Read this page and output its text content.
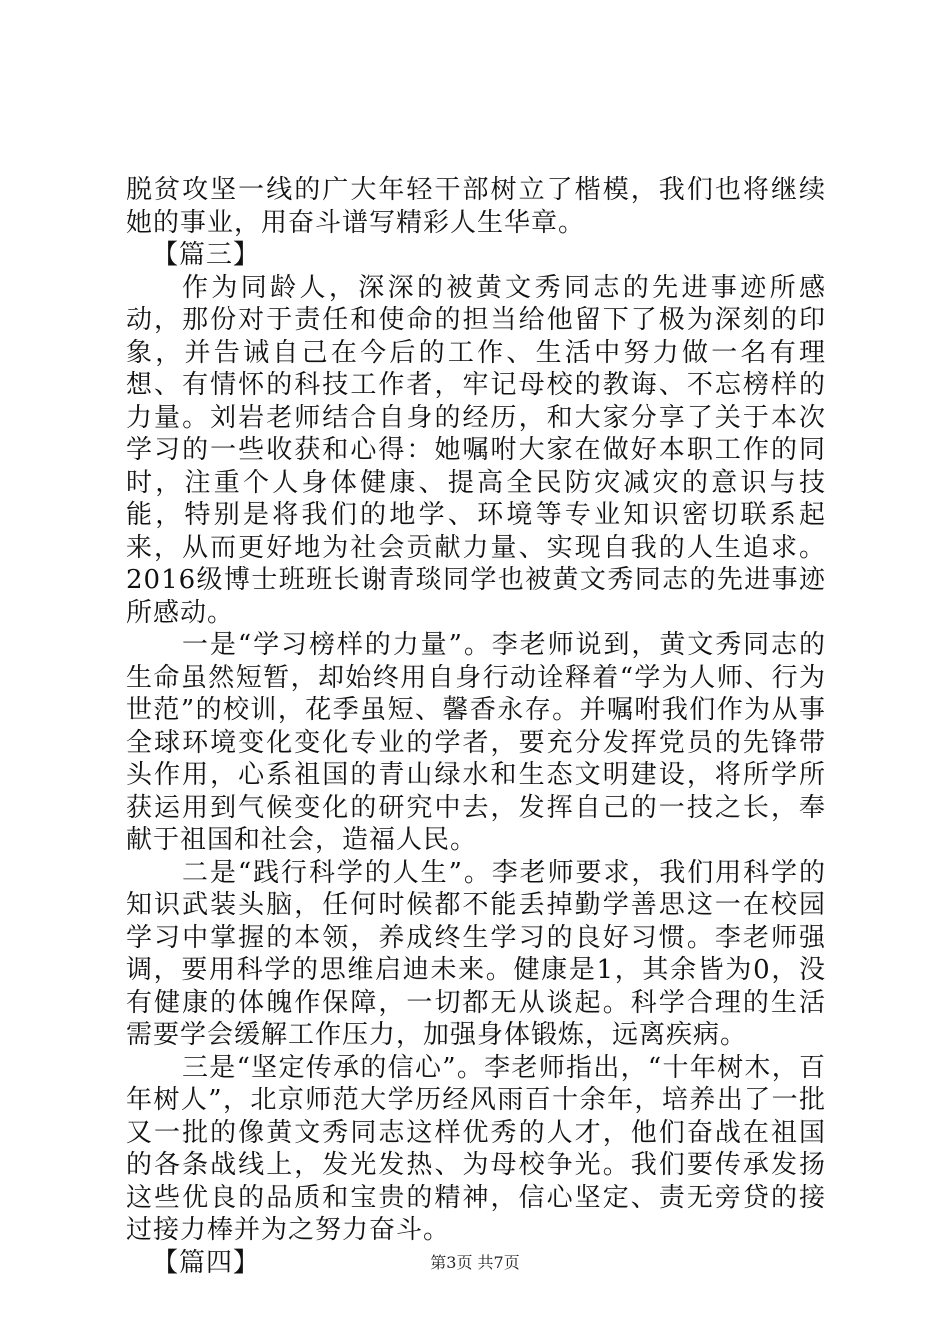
脱贫攻坚一线的广大年轻干部树立了楷模，我们也将继续她的事业，用奋斗谱写精彩人生华章。

【篇三】

作为同龄人，深深的被黄文秀同志的先进事迹所感动，那份对于责任和使命的担当给他留下了极为深刻的印象，并告诫自己在今后的工作、生活中努力做一名有理想、有情怀的科技工作者，牢记母校的教诲、不忘榜样的力量。刘岩老师结合自身的经历，和大家分享了关于本次学习的一些收获和心得：她嘱咐大家在做好本职工作的同时，注重个人身体健康、提高全民防灾减灾的意识与技能，特别是将我们的地学、环境等专业知识密切联系起来，从而更好地为社会贡献力量、实现自我的人生追求。2016级博士班班长谢青琰同学也被黄文秀同志的先进事迹所感动。

一是“学习榜样的力量”。李老师说到，黄文秀同志的生命虽然短暂，却始终用自身行动诠释着“学为人师、行为世范”的校训，花季虽短、馨香永存。并嘱咐我们作为从事全球环境变化变化专业的学者，要充分发挥党员的先锋带头作用，心系祖国的青山绿水和生态文明建设，将所学所获运用到气候变化的研究中去，发挥自己的一技之长，奉献于祖国和社会，造福人民。

二是“践行科学的人生”。李老师要求，我们用科学的知识武装头脑，任何时候都不能丢掉勤学善思这一在校园学习中掌握的本领，养成终生学习的良好习惯。李老师强调，要用科学的思维启迪未来。健康是1，其余皆为0，没有健康的体魄作保障，一切都无从谈起。科学合理的生活需要学会缓解工作压力，加强身体锻炼，远离疾病。

三是“坚定传承的信心”。李老师指出，“十年树木，百年树人”，北京师范大学历经风雨百十余年，培养出了一批又一批的像黄文秀同志这样优秀的人才，他们奋战在祖国的各条战线上，发光发热、为母校争光。我们要传承发扬这些优良的品质和宝贵的精神，信心坚定、责无旁贷的接过接力棒并为之努力奋斗。

【篇四】	第3页 共7页
